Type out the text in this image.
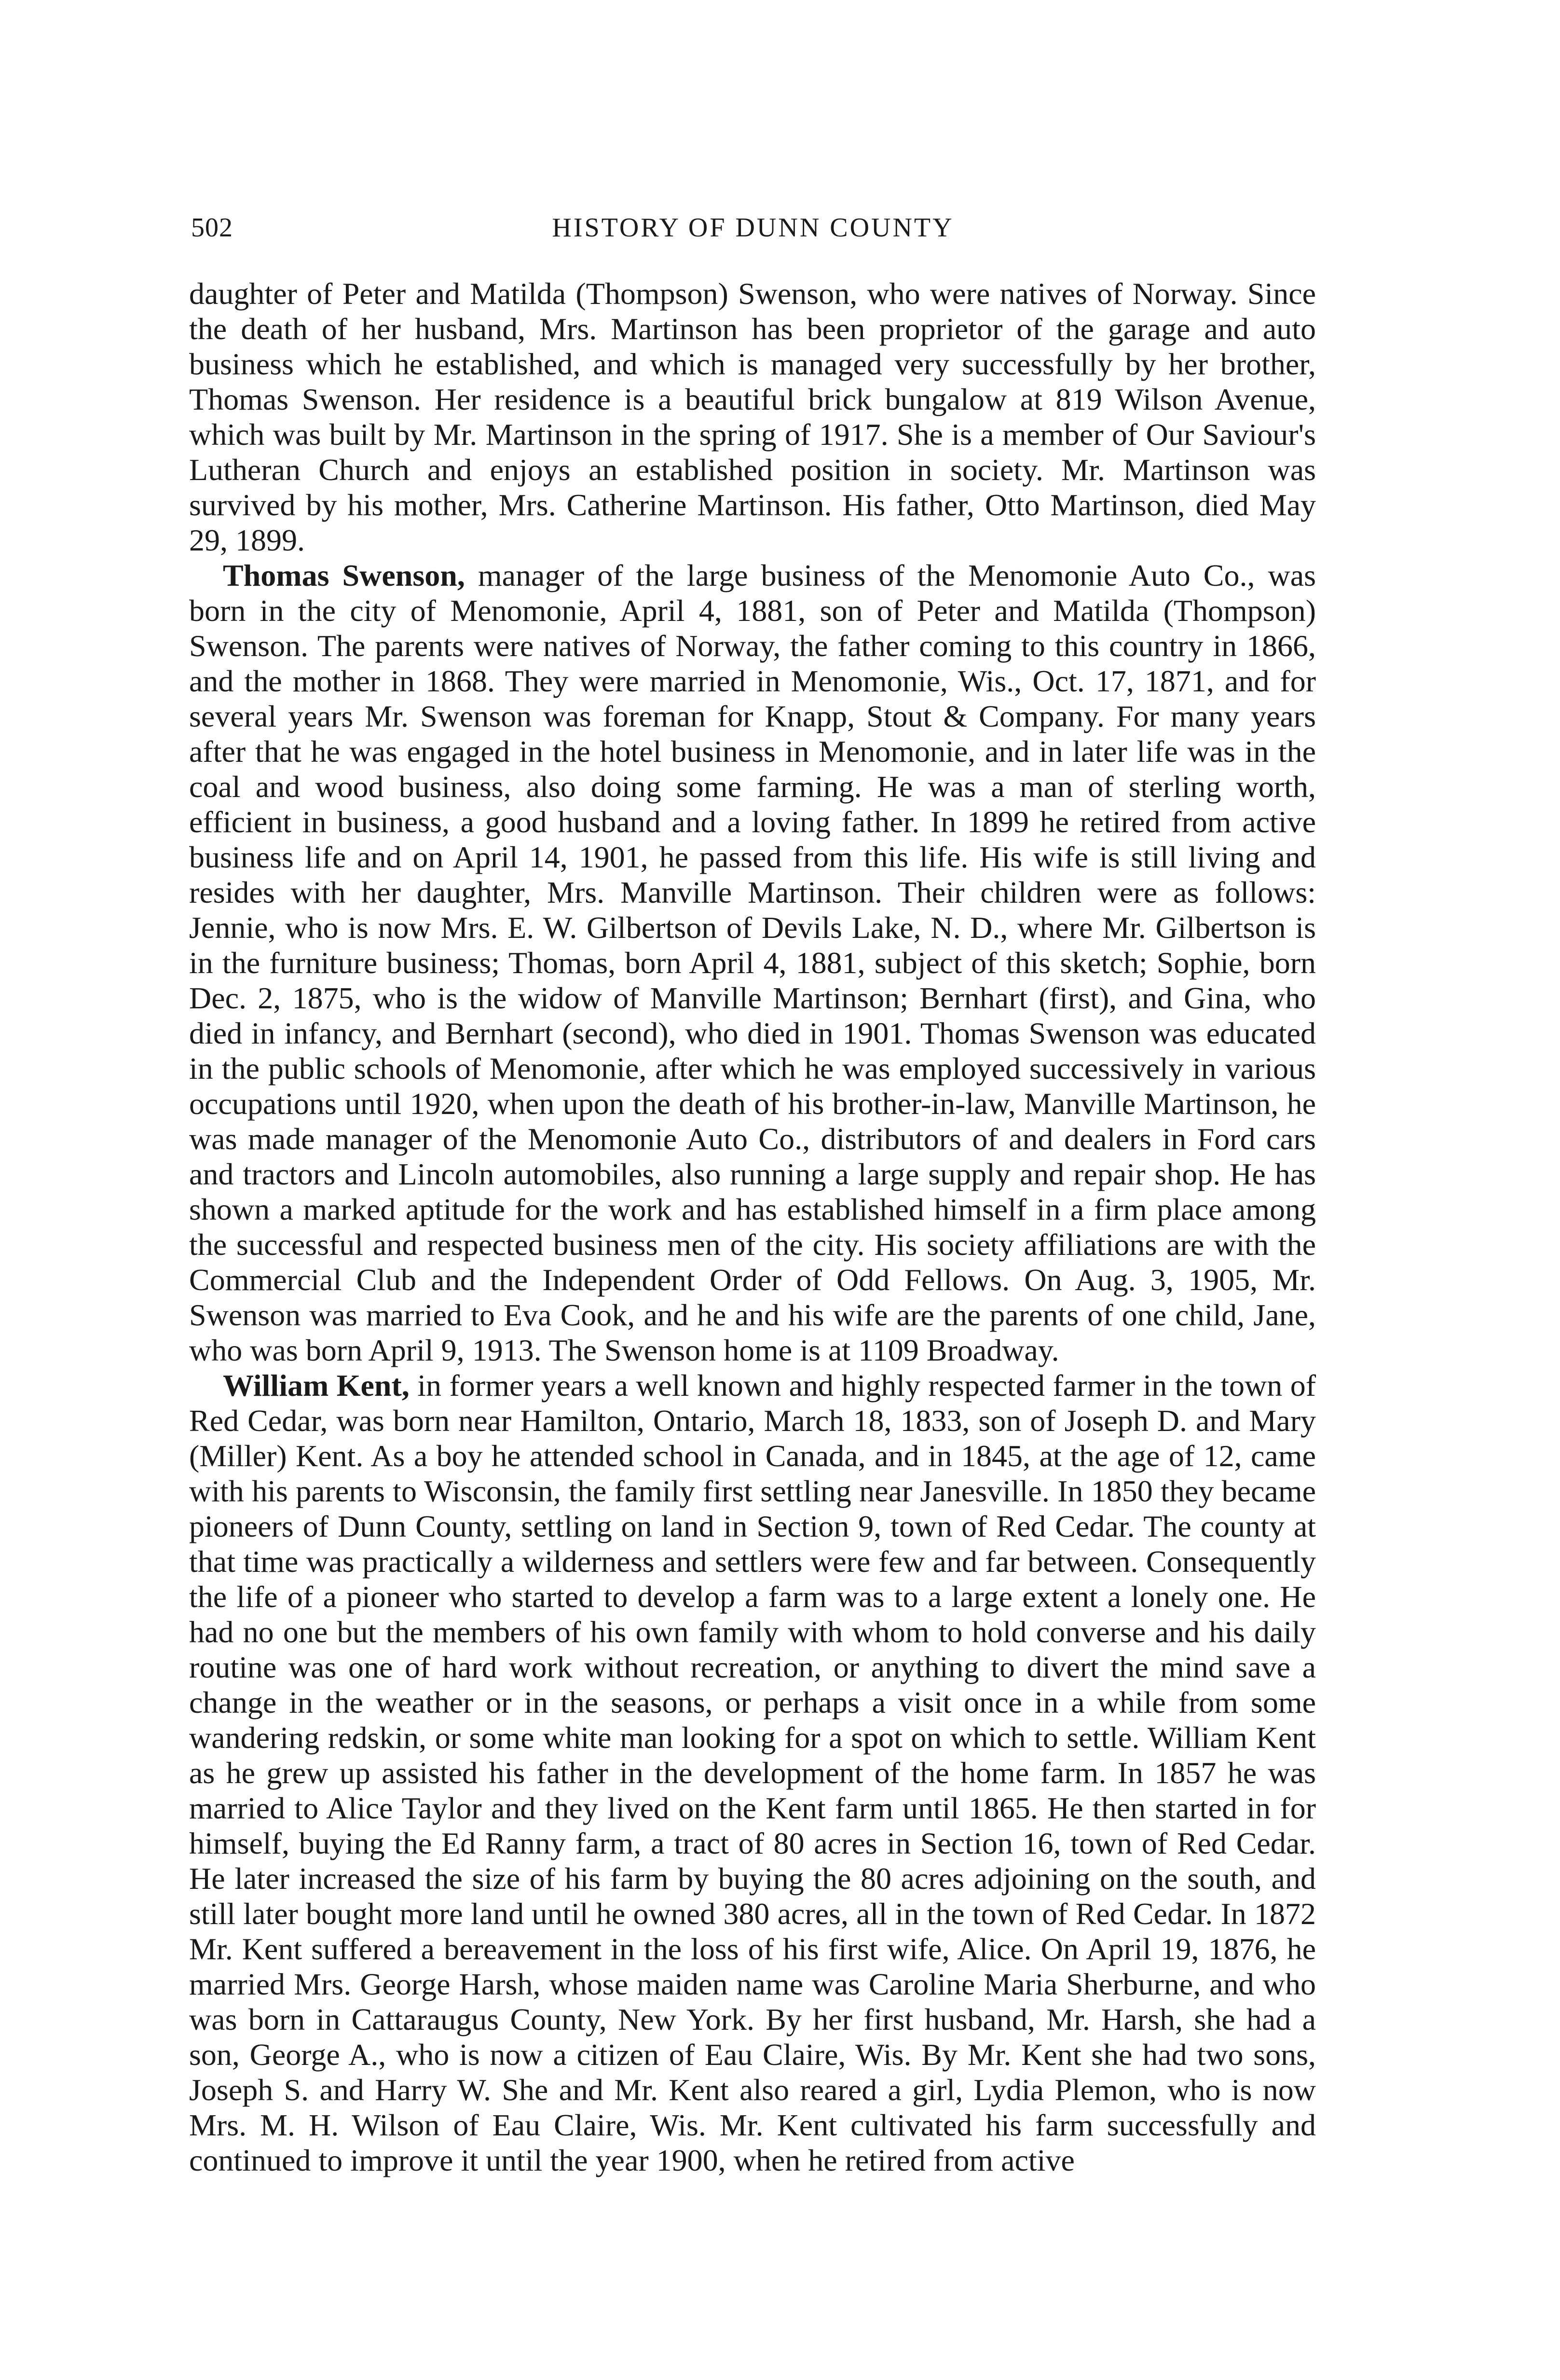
502	HISTORY OF DUNN COUNTY

daughter of Peter and Matilda (Thompson) Swenson, who were natives of Norway. Since the death of her husband, Mrs. Martinson has been proprietor of the garage and auto business which he established, and which is managed very successfully by her brother, Thomas Swenson. Her residence is a beautiful brick bungalow at 819 Wilson Avenue, which was built by Mr. Martinson in the spring of 1917. She is a member of Our Saviour's Lutheran Church and enjoys an established position in society. Mr. Martinson was survived by his mother, Mrs. Catherine Martinson. His father, Otto Martinson, died May 29, 1899.

Thomas Swenson, manager of the large business of the Menomonie Auto Co., was born in the city of Menomonie, April 4, 1881, son of Peter and Matilda (Thompson) Swenson. The parents were natives of Norway, the father coming to this country in 1866, and the mother in 1868. They were married in Menomonie, Wis., Oct. 17, 1871, and for several years Mr. Swenson was foreman for Knapp, Stout & Company. For many years after that he was engaged in the hotel business in Menomonie, and in later life was in the coal and wood business, also doing some farming. He was a man of sterling worth, efficient in business, a good husband and a loving father. In 1899 he retired from active business life and on April 14, 1901, he passed from this life. His wife is still living and resides with her daughter, Mrs. Manville Martinson. Their children were as follows: Jennie, who is now Mrs. E. W. Gilbertson of Devils Lake, N. D., where Mr. Gilbertson is in the furniture business; Thomas, born April 4, 1881, subject of this sketch; Sophie, born Dec. 2, 1875, who is the widow of Manville Martinson; Bernhart (first), and Gina, who died in infancy, and Bernhart (second), who died in 1901. Thomas Swenson was educated in the public schools of Menomonie, after which he was employed successively in various occupations until 1920, when upon the death of his brother-in-law, Manville Martinson, he was made manager of the Menomonie Auto Co., distributors of and dealers in Ford cars and tractors and Lincoln automobiles, also running a large supply and repair shop. He has shown a marked aptitude for the work and has established himself in a firm place among the successful and respected business men of the city. His society affiliations are with the Commercial Club and the Independent Order of Odd Fellows. On Aug. 3, 1905, Mr. Swenson was married to Eva Cook, and he and his wife are the parents of one child, Jane, who was born April 9, 1913. The Swenson home is at 1109 Broadway.

William Kent, in former years a well known and highly respected farmer in the town of Red Cedar, was born near Hamilton, Ontario, March 18, 1833, son of Joseph D. and Mary (Miller) Kent. As a boy he attended school in Canada, and in 1845, at the age of 12, came with his parents to Wisconsin, the family first settling near Janesville. In 1850 they became pioneers of Dunn County, settling on land in Section 9, town of Red Cedar. The county at that time was practically a wilderness and settlers were few and far between. Consequently the life of a pioneer who started to develop a farm was to a large extent a lonely one. He had no one but the members of his own family with whom to hold converse and his daily routine was one of hard work without recreation, or anything to divert the mind save a change in the weather or in the seasons, or perhaps a visit once in a while from some wandering redskin, or some white man looking for a spot on which to settle. William Kent as he grew up assisted his father in the development of the home farm. In 1857 he was married to Alice Taylor and they lived on the Kent farm until 1865. He then started in for himself, buying the Ed Ranny farm, a tract of 80 acres in Section 16, town of Red Cedar. He later increased the size of his farm by buying the 80 acres adjoining on the south, and still later bought more land until he owned 380 acres, all in the town of Red Cedar. In 1872 Mr. Kent suffered a bereavement in the loss of his first wife, Alice. On April 19, 1876, he married Mrs. George Harsh, whose maiden name was Caroline Maria Sherburne, and who was born in Cattaraugus County, New York. By her first husband, Mr. Harsh, she had a son, George A., who is now a citizen of Eau Claire, Wis. By Mr. Kent she had two sons, Joseph S. and Harry W. She and Mr. Kent also reared a girl, Lydia Plemon, who is now Mrs. M. H. Wilson of Eau Claire, Wis. Mr. Kent cultivated his farm successfully and continued to improve it until the year 1900, when he retired from active
